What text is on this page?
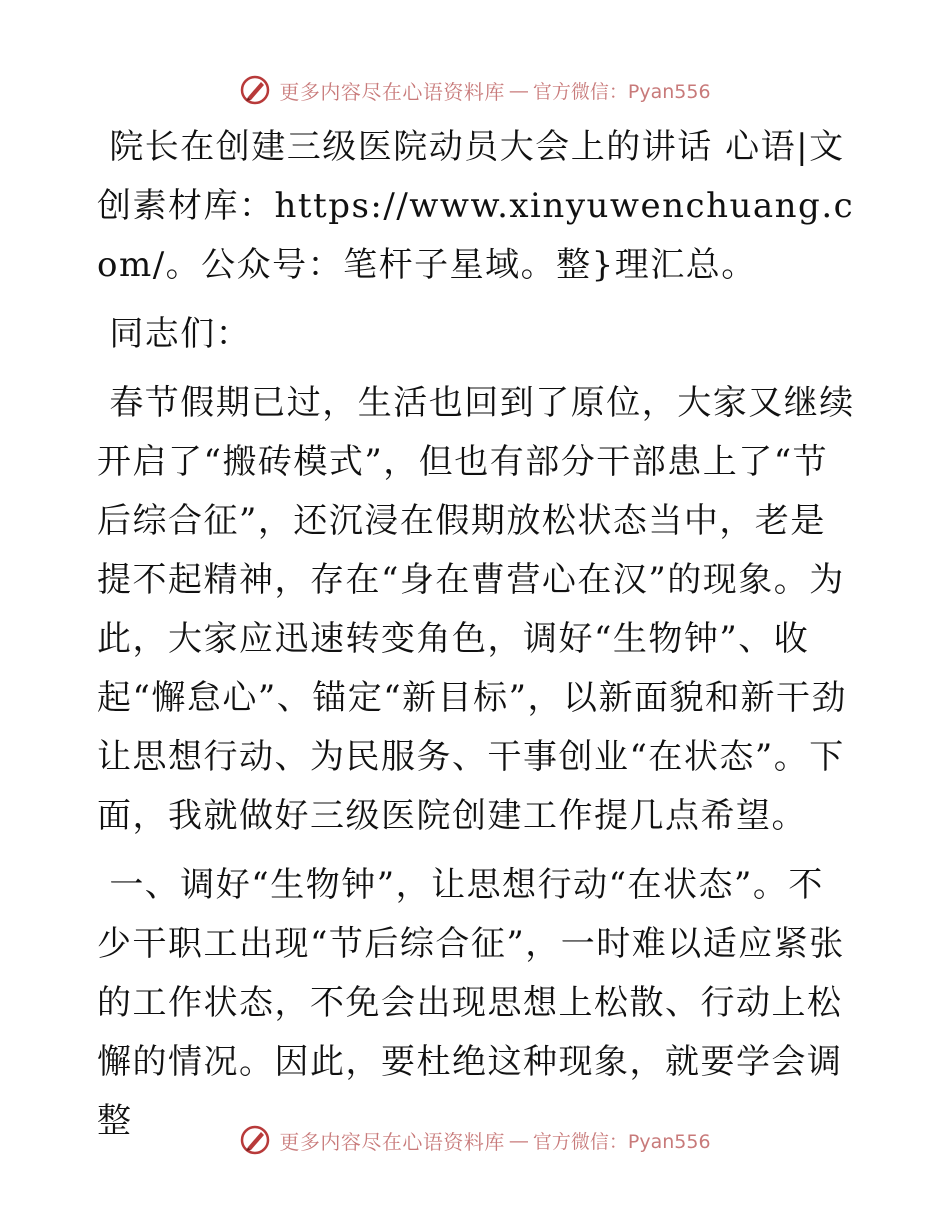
更多内容尽在心语资料库 — 官方微信：Pyan556

院长在创建三级医院动员大会上的讲话 心语|文创素材库：https://www.xinyuwenchuang.com/。公众号：笔杆子星域。整}理汇总。

同志们：

春节假期已过，生活也回到了原位，大家又继续开启了“搬砖模式”，但也有部分干部患上了“节后综合征”，还沉浸在假期放松状态当中，老是提不起精神，存在“身在曹营心在汉”的现象。为此，大家应迅速转变角色，调好“生物钟”、收起“懈怠心”、锚定“新目标”，以新面貌和新干劲让思想行动、为民服务、干事创业“在状态”。下面，我就做好三级医院创建工作提几点希望。

一、调好“生物钟”，让思想行动“在状态”。不少干职工出现“节后综合征”，一时难以适应紧张的工作状态，不免会出现思想上松散、行动上松懈的情况。因此，要杜绝这种现象，就要学会调整

更多内容尽在心语资料库 — 官方微信：Pyan556
